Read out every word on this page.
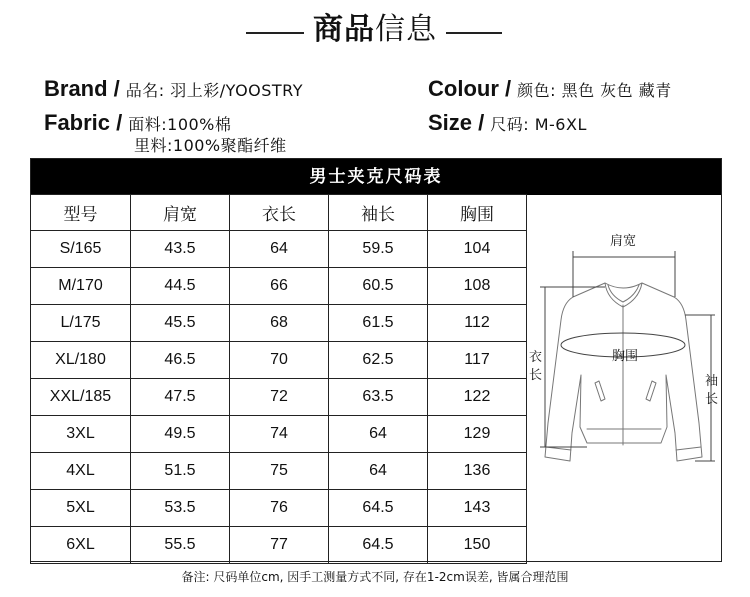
商品信息
Brand / 品名: 羽上彩/YOOSTRY	Colour / 颜色: 黑色 灰色 藏青
Fabric / 面料:100%棉
里料:100%聚酯纤维
Size / 尺码: M-6XL
男士夹克尺码表
型号	肩宽	衣长	袖长	胸围
S/165	43.5	64	59.5	104
M/170	44.5	66	60.5	108
L/175	45.5	68	61.5	112
XL/180	46.5	70	62.5	117
XXL/185	47.5	72	63.5	122
3XL	49.5	74	64	129
4XL	51.5	75	64	136
5XL	53.5	76	64.5	143
6XL	55.5	77	64.5	150
肩宽
胸围
衣
长	袖
长
备注: 尺码单位cm, 因手工测量方式不同, 存在1-2cm误差, 皆属合理范围
